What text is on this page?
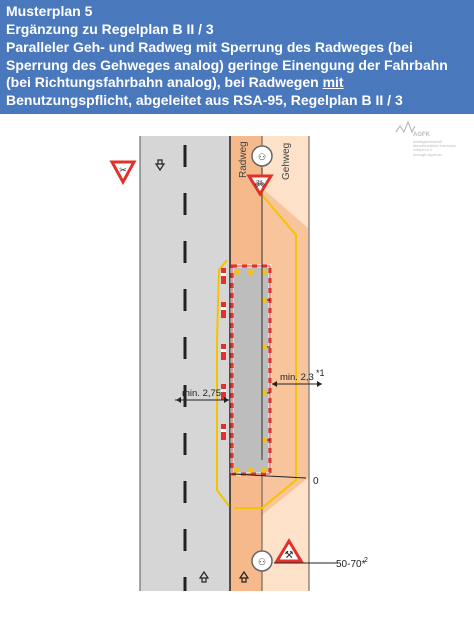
Musterplan 5
Ergänzung zu Regelplan B II / 3
Paralleler Geh- und Radweg mit Sperrung des Radweges (bei
Sperrung des Gehweges analog) geringe Einengung der Fahrbahn
(bei Richtungsfahrbahn analog), bei Radwegen mit
Benutzungspflicht, abgeleitet aus RSA-95, Regelplan B II / 3
✂
🚲︎
⚇
⚇
⚒
Radweg	Gehweg
min. 2,75
min. 2,3 *1
0
50-70*
2
AGFK
Arbeitsgemeinschaft
fahrradfreundliche Kommunen
in Bayern e.V.
www.agfk-bayern.de
